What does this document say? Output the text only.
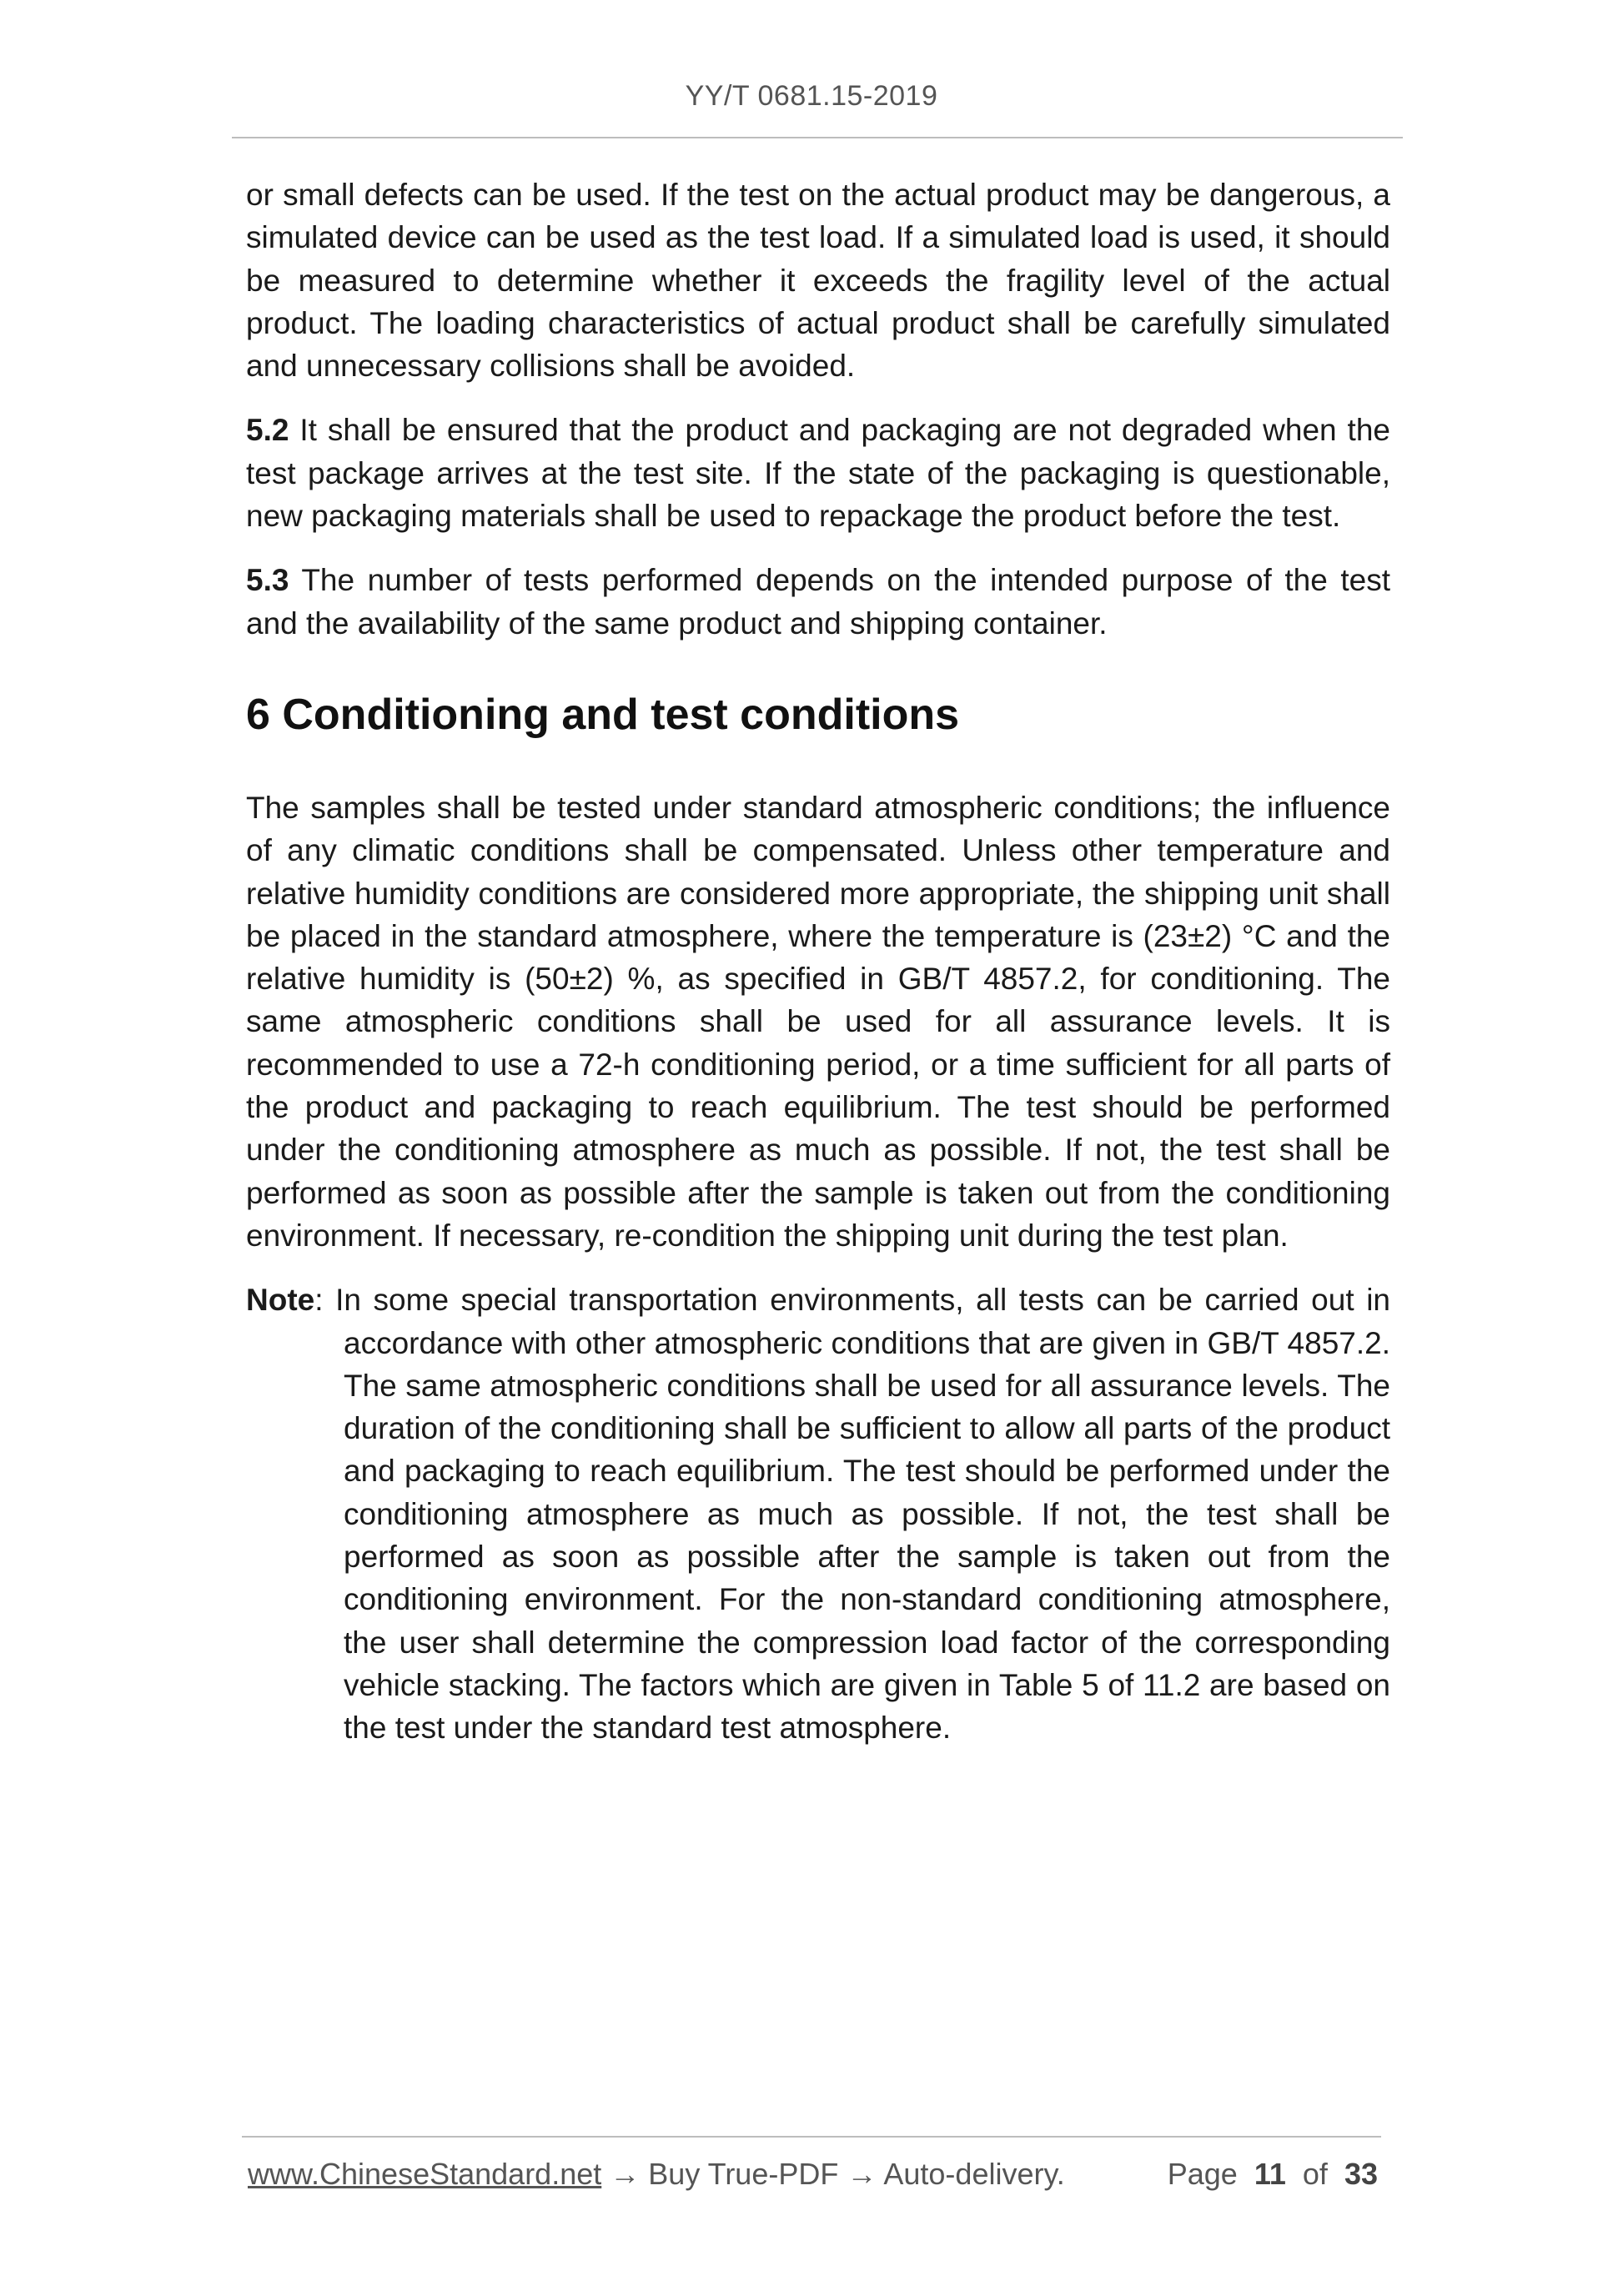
YY/T 0681.15-2019

or small defects can be used. If the test on the actual product may be dangerous, a simulated device can be used as the test load. If a simulated load is used, it should be measured to determine whether it exceeds the fragility level of the actual product. The loading characteristics of actual product shall be carefully simulated and unnecessary collisions shall be avoided.

5.2 It shall be ensured that the product and packaging are not degraded when the test package arrives at the test site. If the state of the packaging is questionable, new packaging materials shall be used to repackage the product before the test.

5.3 The number of tests performed depends on the intended purpose of the test and the availability of the same product and shipping container.

6 Conditioning and test conditions

The samples shall be tested under standard atmospheric conditions; the influence of any climatic conditions shall be compensated. Unless other temperature and relative humidity conditions are considered more appropriate, the shipping unit shall be placed in the standard atmosphere, where the temperature is (23±2) °C and the relative humidity is (50±2) %, as specified in GB/T 4857.2, for conditioning. The same atmospheric conditions shall be used for all assurance levels. It is recommended to use a 72-h conditioning period, or a time sufficient for all parts of the product and packaging to reach equilibrium. The test should be performed under the conditioning atmosphere as much as possible. If not, the test shall be performed as soon as possible after the sample is taken out from the conditioning environment. If necessary, re-condition the shipping unit during the test plan.

Note: In some special transportation environments, all tests can be carried out in accordance with other atmospheric conditions that are given in GB/T 4857.2. The same atmospheric conditions shall be used for all assurance levels. The duration of the conditioning shall be sufficient to allow all parts of the product and packaging to reach equilibrium. The test should be performed under the conditioning atmosphere as much as possible. If not, the test shall be performed as soon as possible after the sample is taken out from the conditioning environment. For the non-standard conditioning atmosphere, the user shall determine the compression load factor of the corresponding vehicle stacking. The factors which are given in Table 5 of 11.2 are based on the test under the standard test atmosphere.
www.ChineseStandard.net → Buy True-PDF → Auto-delivery.	Page 11 of 33
